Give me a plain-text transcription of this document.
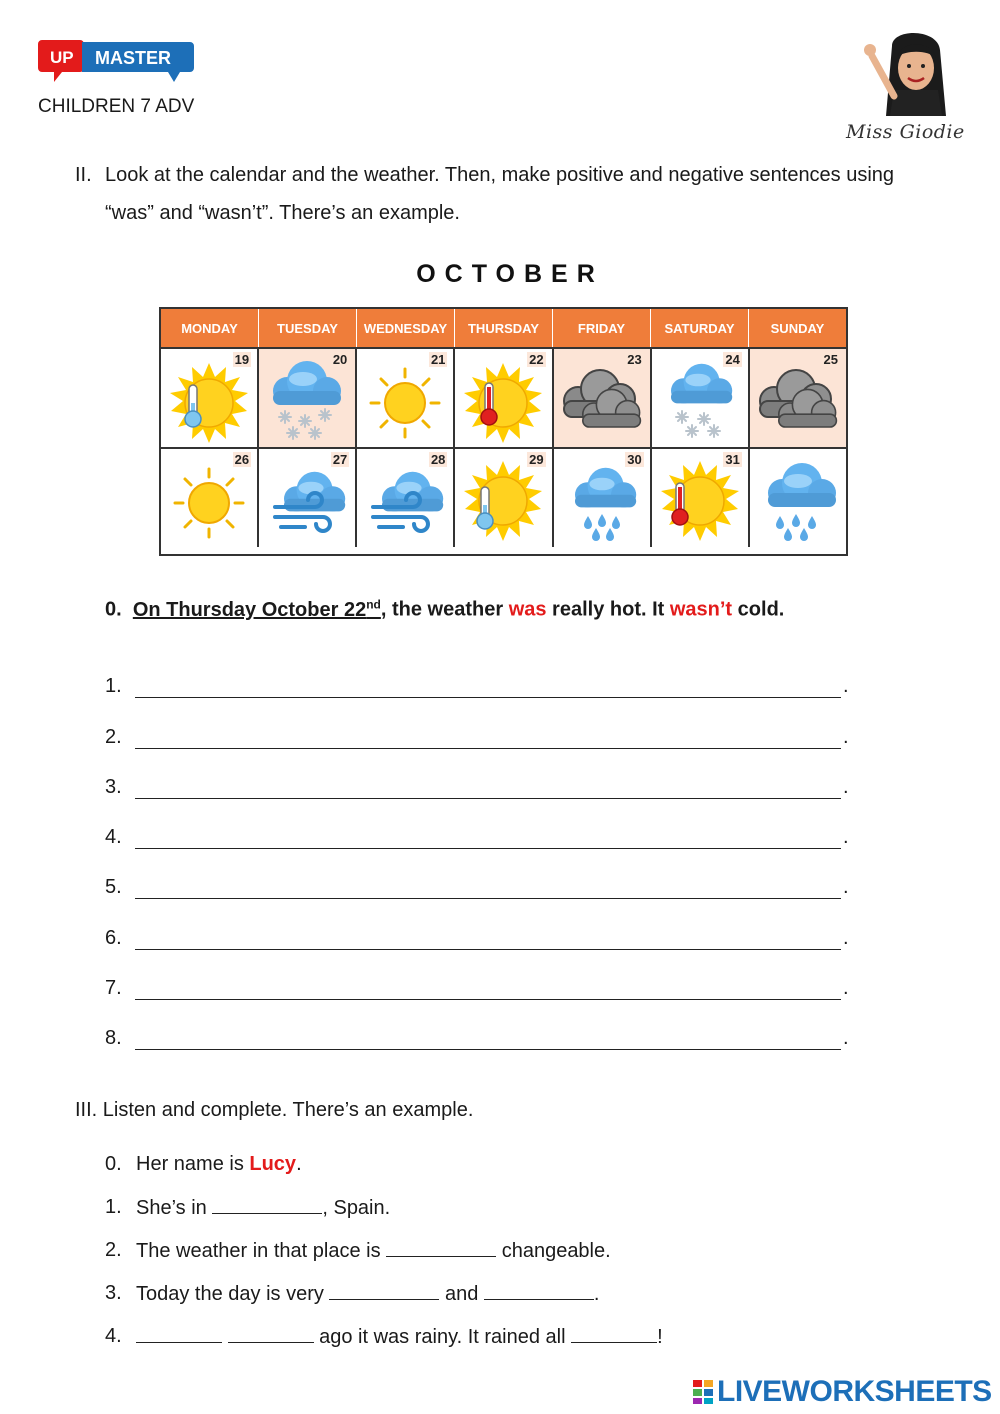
UP MASTER
CHILDREN 7 ADV
Miss Giodie
II. Look at the calendar and the weather. Then, make positive and negative sentences using “was” and “wasn’t”. There’s an example.
OCTOBER
MONDAY	TUESDAY	WEDNESDAY	THURSDAY	FRIDAY	SATURDAY	SUNDAY
19	20	21	22	23	24	25
26	27	28	29	30	31
0. On Thursday October 22nd, the weather was really hot. It wasn’t cold.
1.	.
2.	.
3.	.
4.	.
5.	.
6.	.
7.	.
8.	.
III. Listen and complete. There’s an example.
0. Her name is Lucy.
1. She’s in	, Spain.
2. The weather in that place is	changeable.
3. Today the day is very	and	.
4.	ago it was rainy. It rained all	!
LIVEWORKSHEETS
